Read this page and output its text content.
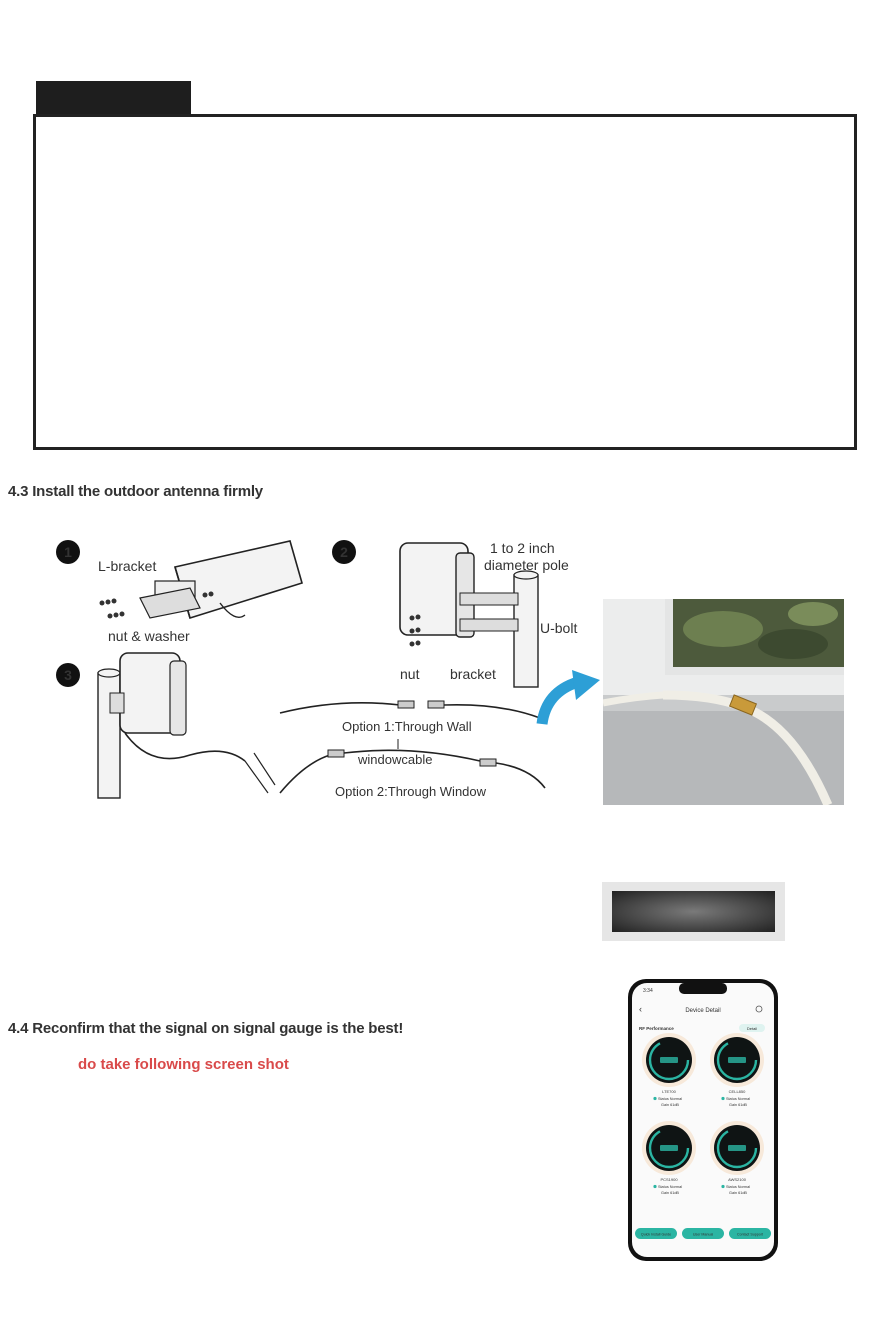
4.3 Install the outdoor antenna firmly
1
L-bracket
nut & washer
2	1 to 2 inch
diameter pole
U-bolt
nut bracket
3
Option 1:Through Wall
windowcable
Option 2:Through Window
4.4 Reconfirm that the signal on signal gauge is the best!
do take following screen shot
3:34
‹	Device Detail
RF Performance	Detail
LTE700
Status Normal
Gain 61dB
CELL850
Status Normal
Gain 61dB
PCS1900
Status Normal
Gain 61dB
AWS2100
Status Normal
Gain 61dB
Quick Install Guide	User Manual	Contact Support
